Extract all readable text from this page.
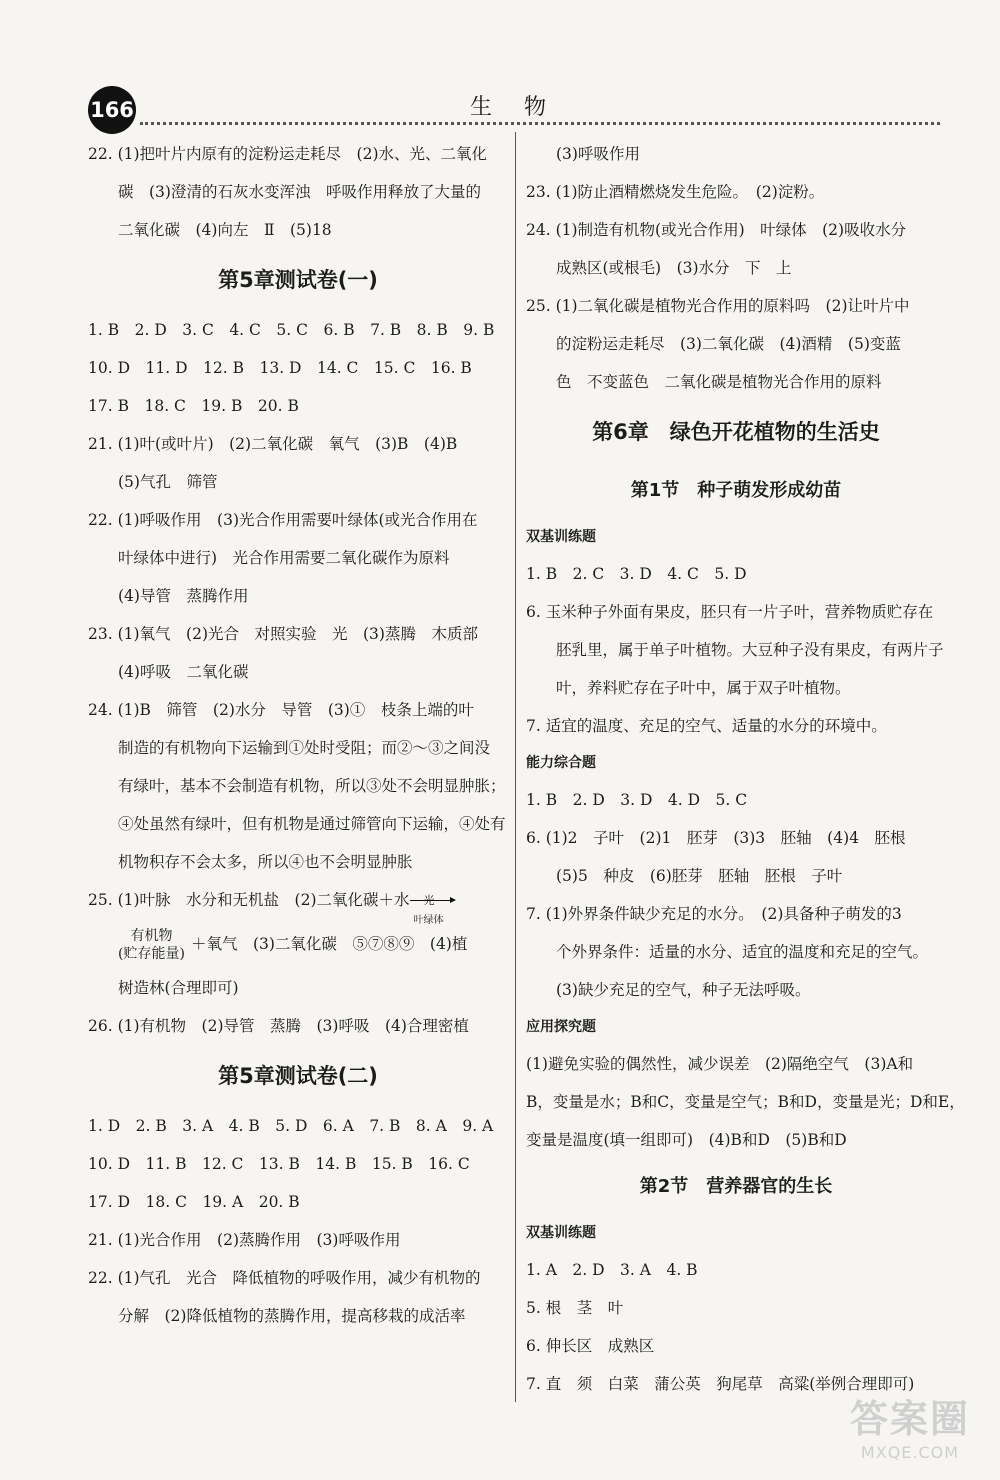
166	生物
22. (1)把叶片内原有的淀粉运走耗尽　(2)水、光、二氧化
碳　(3)澄清的石灰水变浑浊　呼吸作用释放了大量的
二氧化碳　(4)向左　Ⅱ　(5)18
第5章测试卷(一)
1. B　2. D　3. C　4. C　5. C　6. B　7. B　8. B　9. B
10. D　11. D　12. B　13. D　14. C　15. C　16. B
17. B　18. C　19. B　20. B
21. (1)叶(或叶片)　(2)二氧化碳　氧气　(3)B　(4)B
(5)气孔　筛管
22. (1)呼吸作用　(3)光合作用需要叶绿体(或光合作用在
叶绿体中进行)　光合作用需要二氧化碳作为原料
(4)导管　蒸腾作用
23. (1)氧气　(2)光合　对照实验　光　(3)蒸腾　木质部
(4)呼吸　二氧化碳
24. (1)B　筛管　(2)水分　导管　(3)①　枝条上端的叶
制造的有机物向下运输到①处时受阻；而②～③之间没
有绿叶，基本不会制造有机物，所以③处不会明显肿胀；
④处虽然有绿叶，但有机物是通过筛管向下运输，④处有
机物积存不会太多，所以④也不会明显肿胀
25. (1)叶脉　水分和无机盐　(2)二氧化碳＋水 光
叶绿体
有机物
(贮存能量)＋氧气　(3)二氧化碳　⑤⑦⑧⑨　(4)植
树造林(合理即可)
26. (1)有机物　(2)导管　蒸腾　(3)呼吸　(4)合理密植
第5章测试卷(二)
1. D　2. B　3. A　4. B　5. D　6. A　7. B　8. A　9. A
10. D　11. B　12. C　13. B　14. B　15. B　16. C
17. D　18. C　19. A　20. B
21. (1)光合作用　(2)蒸腾作用　(3)呼吸作用
22. (1)气孔　光合　降低植物的呼吸作用，减少有机物的
分解　(2)降低植物的蒸腾作用，提高移栽的成活率
(3)呼吸作用
23. (1)防止酒精燃烧发生危险。　(2)淀粉。
24. (1)制造有机物(或光合作用)　叶绿体　(2)吸收水分
成熟区(或根毛)　(3)水分　下　上
25. (1)二氧化碳是植物光合作用的原料吗　(2)让叶片中
的淀粉运走耗尽　(3)二氧化碳　(4)酒精　(5)变蓝
色　不变蓝色　二氧化碳是植物光合作用的原料
第6章　绿色开花植物的生活史
第1节　种子萌发形成幼苗
双基训练题
1. B　2. C　3. D　4. C　5. D
6. 玉米种子外面有果皮，胚只有一片子叶，营养物质贮存在
胚乳里，属于单子叶植物。大豆种子没有果皮，有两片子
叶，养料贮存在子叶中，属于双子叶植物。
7. 适宜的温度、充足的空气、适量的水分的环境中。
能力综合题
1. B　2. D　3. D　4. D　5. C
6. (1)2　子叶　(2)1　胚芽　(3)3　胚轴　(4)4　胚根
(5)5　种皮　(6)胚芽　胚轴　胚根　子叶
7. (1)外界条件缺少充足的水分。　(2)具备种子萌发的3
个外界条件：适量的水分、适宜的温度和充足的空气。
(3)缺少充足的空气，种子无法呼吸。
应用探究题
(1)避免实验的偶然性，减少误差　(2)隔绝空气　(3)A和
B，变量是水；B和C，变量是空气；B和D，变量是光；D和E，
变量是温度(填一组即可)　(4)B和D　(5)B和D
第2节　营养器官的生长
双基训练题
1. A　2. D　3. A　4. B
5. 根　茎　叶
6. 伸长区　成熟区
7. 直　须　白菜　蒲公英　狗尾草　高粱(举例合理即可)
答案圈
MXQE.COM
